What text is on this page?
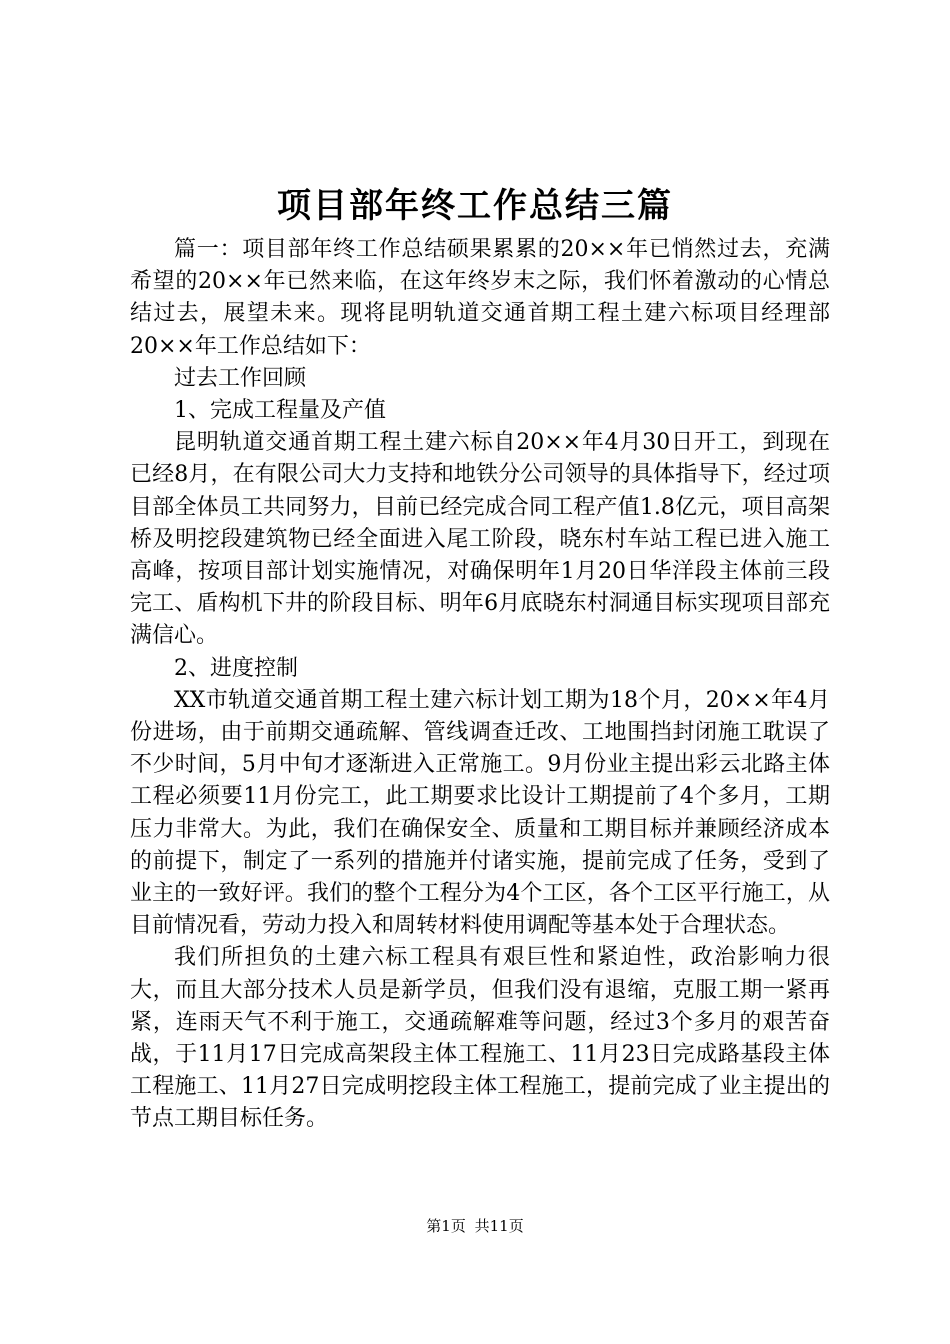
项目部年终工作总结三篇

篇一：项目部年终工作总结硕果累累的20××年已悄然过去，充满希望的20××年已然来临，在这年终岁末之际，我们怀着激动的心情总结过去，展望未来。现将昆明轨道交通首期工程土建六标项目经理部20××年工作总结如下：

过去工作回顾

1、完成工程量及产值

昆明轨道交通首期工程土建六标自20××年4月30日开工，到现在已经8月，在有限公司大力支持和地铁分公司领导的具体指导下，经过项目部全体员工共同努力，目前已经完成合同工程产值1.8亿元，项目高架桥及明挖段建筑物已经全面进入尾工阶段，晓东村车站工程已进入施工高峰，按项目部计划实施情况，对确保明年1月20日华洋段主体前三段完工、盾构机下井的阶段目标、明年6月底晓东村洞通目标实现项目部充满信心。

2、进度控制

XX市轨道交通首期工程土建六标计划工期为18个月，20××年4月份进场，由于前期交通疏解、管线调查迁改、工地围挡封闭施工耽误了不少时间，5月中旬才逐渐进入正常施工。9月份业主提出彩云北路主体工程必须要11月份完工，此工期要求比设计工期提前了4个多月，工期压力非常大。为此，我们在确保安全、质量和工期目标并兼顾经济成本的前提下，制定了一系列的措施并付诸实施，提前完成了任务，受到了业主的一致好评。我们的整个工程分为4个工区，各个工区平行施工，从目前情况看，劳动力投入和周转材料使用调配等基本处于合理状态。

我们所担负的土建六标工程具有艰巨性和紧迫性，政治影响力很大，而且大部分技术人员是新学员，但我们没有退缩，克服工期一紧再紧，连雨天气不利于施工，交通疏解难等问题，经过3个多月的艰苦奋战，于11月17日完成高架段主体工程施工、11月23日完成路基段主体工程施工、11月27日完成明挖段主体工程施工，提前完成了业主提出的节点工期目标任务。

第1页 共11页
